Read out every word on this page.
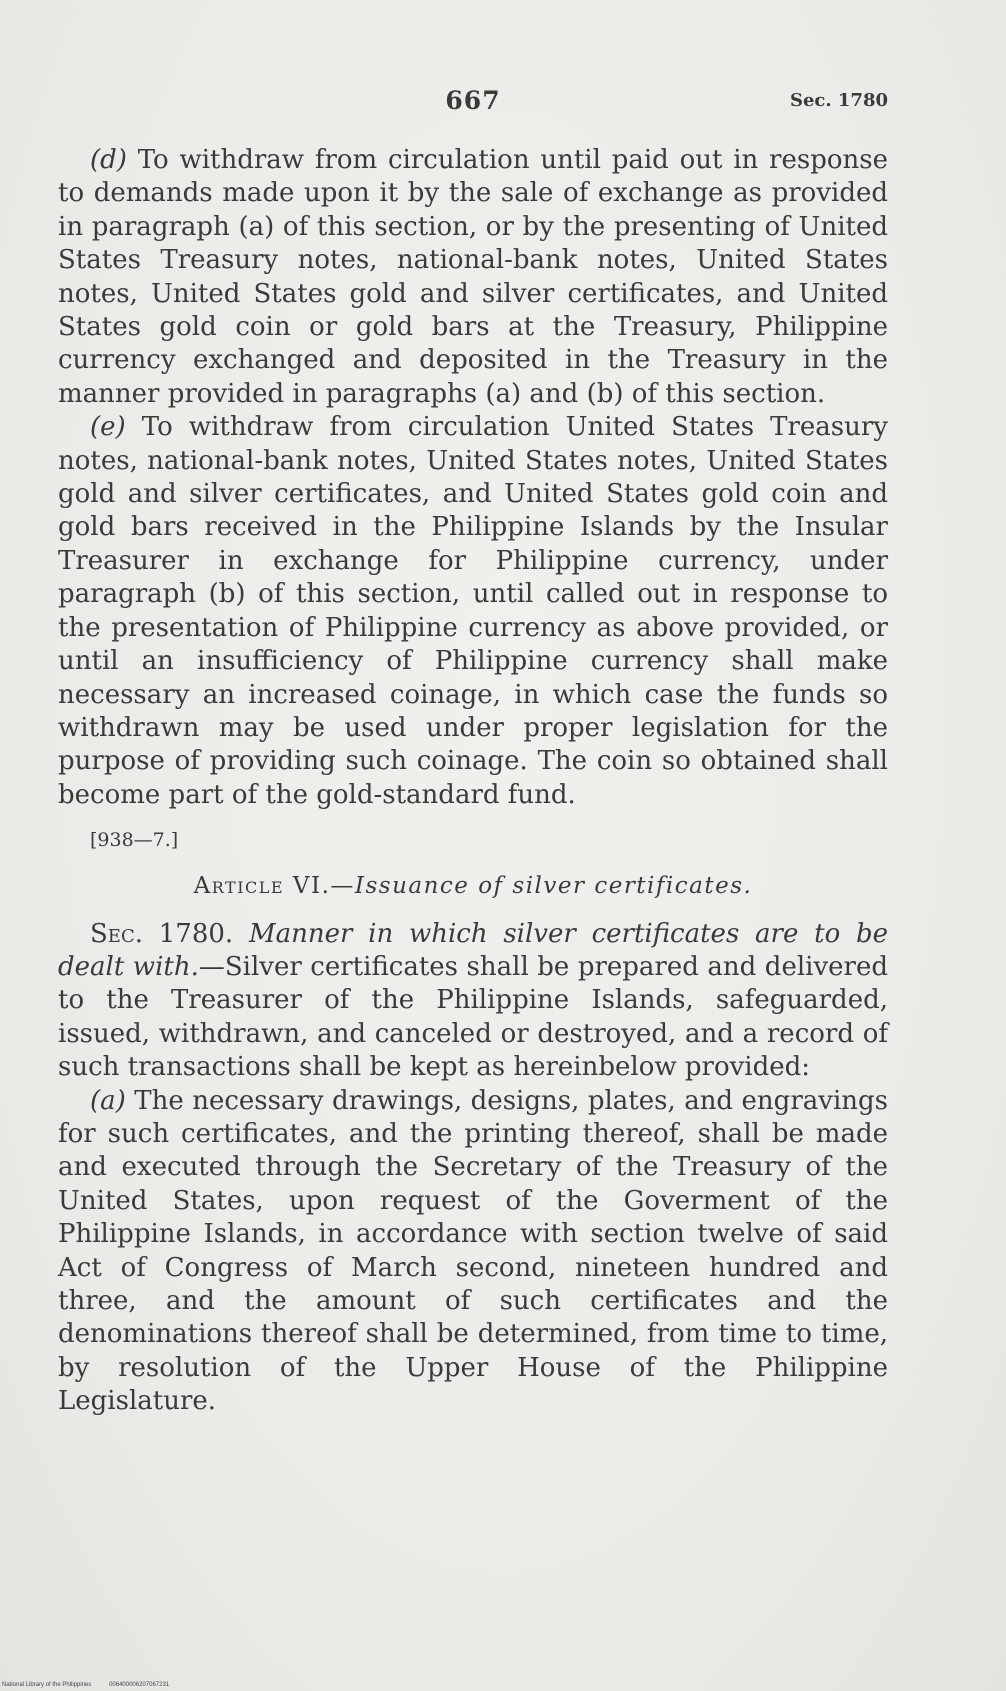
667	Sec. 1780

(d) To withdraw from circulation until paid out in response to demands made upon it by the sale of exchange as provided in paragraph (a) of this section, or by the presenting of United States Treasury notes, national-bank notes, United States notes, United States gold and silver certificates, and United States gold coin or gold bars at the Treasury, Philippine currency exchanged and deposited in the Treasury in the manner provided in paragraphs (a) and (b) of this section.

(e) To withdraw from circulation United States Treasury notes, national-bank notes, United States notes, United States gold and silver certificates, and United States gold coin and gold bars received in the Philippine Islands by the Insular Treasurer in exchange for Philippine currency, under paragraph (b) of this section, until called out in response to the presentation of Philippine currency as above provided, or until an insufficiency of Philippine currency shall make necessary an increased coinage, in which case the funds so withdrawn may be used under proper legislation for the purpose of providing such coinage. The coin so obtained shall become part of the gold-standard fund.

[938—7.]
Article VI.—Issuance of silver certificates.

Sec. 1780. Manner in which silver certificates are to be dealt with.—Silver certificates shall be prepared and delivered to the Treasurer of the Philippine Islands, safeguarded, issued, withdrawn, and canceled or destroyed, and a record of such transactions shall be kept as hereinbelow provided:

(a) The necessary drawings, designs, plates, and engravings for such certificates, and the printing thereof, shall be made and executed through the Secretary of the Treasury of the United States, upon request of the Goverment of the Philippine Islands, in accordance with section twelve of said Act of Congress of March second, nineteen hundred and three, and the amount of such certificates and the denominations thereof shall be determined, from time to time, by resolution of the Upper House of the Philippine Legislature.

National Library of the Philippines	006400006207067231
